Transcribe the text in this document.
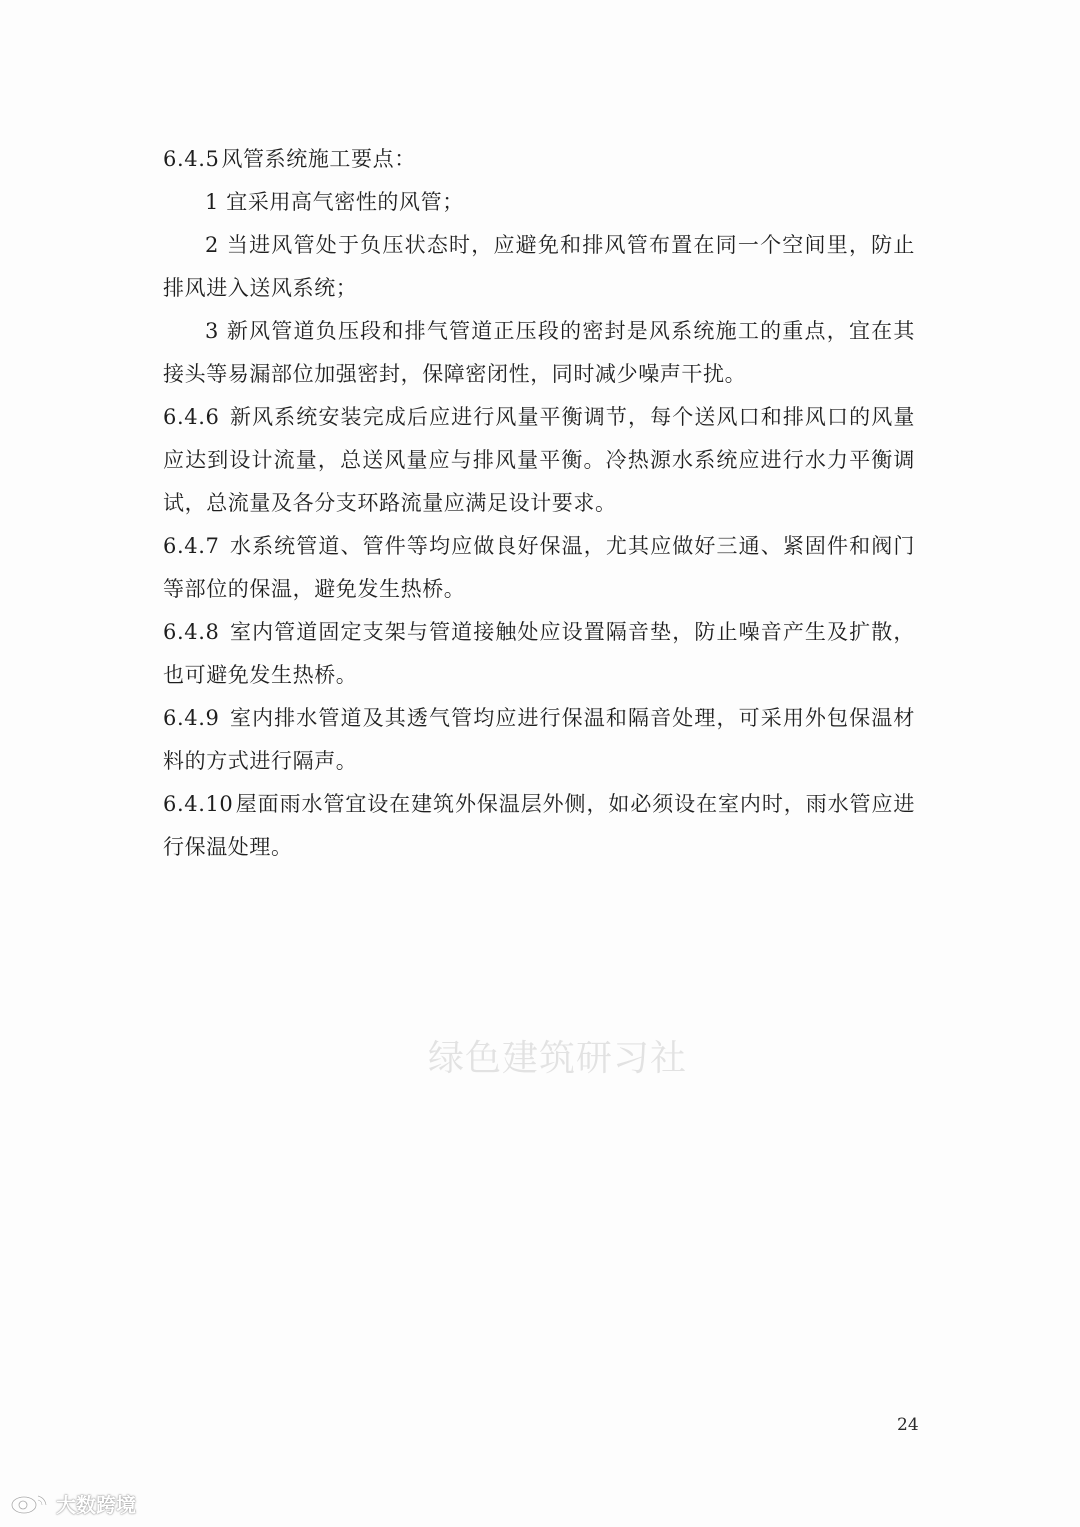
6.4.5风管系统施工要点：

1 宜采用高气密性的风管；

2 当进风管处于负压状态时，应避免和排风管布置在同一个空间里，防止排风进入送风系统；

3 新风管道负压段和排气管道正压段的密封是风系统施工的重点，宜在其接头等易漏部位加强密封，保障密闭性，同时减少噪声干扰。

6.4.6 新风系统安装完成后应进行风量平衡调节，每个送风口和排风口的风量应达到设计流量，总送风量应与排风量平衡。冷热源水系统应进行水力平衡调试，总流量及各分支环路流量应满足设计要求。

6.4.7 水系统管道、管件等均应做良好保温，尤其应做好三通、紧固件和阀门等部位的保温，避免发生热桥。

6.4.8 室内管道固定支架与管道接触处应设置隔音垫，防止噪音产生及扩散，也可避免发生热桥。

6.4.9 室内排水管道及其透气管均应进行保温和隔音处理，可采用外包保温材料的方式进行隔声。

6.4.10屋面雨水管宜设在建筑外保温层外侧，如必须设在室内时，雨水管应进行保温处理。

绿色建筑研习社
24
大数跨境
